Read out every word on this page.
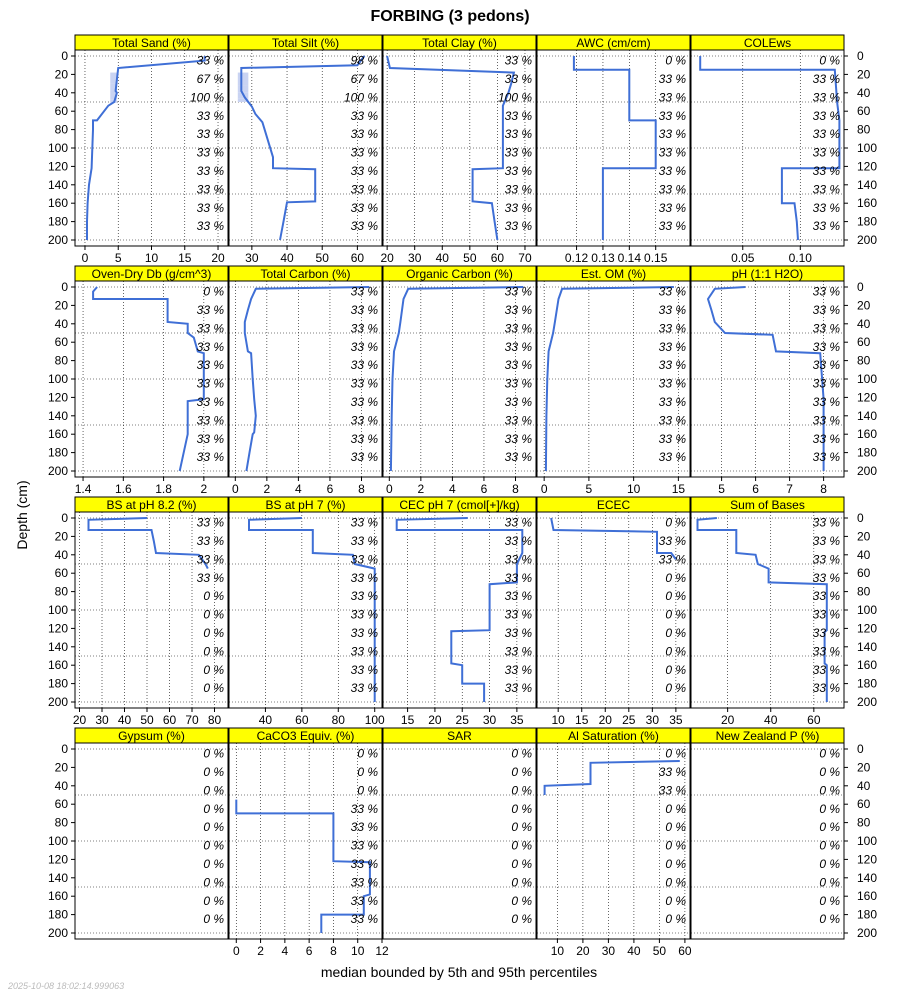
FORBING (3 pedons)
Depth (cm)
median bounded by 5th and 95th percentiles
2025-10-08 18:02:14.999063
Total Sand (%)
33 %
67 %
100 %
33 %
33 %
33 %
33 %
33 %
33 %
33 %
0 5 10 15 20
0
20
40
60
80
100
120
140
160
180
200
Total Silt (%)
98 %
67 %
100 %
33 %
33 %
33 %
33 %
33 %
33 %
33 %
30 40 50 60
Total Clay (%)
33 %
33 %
100 %
33 %
33 %
33 %
33 %
33 %
33 %
33 %
20 30 40 50 60 70
AWC (cm/cm)
0 %
33 %
33 %
33 %
33 %
33 %
33 %
33 %
33 %
33 %
0.12 0.13 0.14 0.15
COLEws
0 %
33 %
33 %
33 %
33 %
33 %
33 %
33 %
33 %
33 %
0.05	0.10
0
20
40
60
80
100
120
140
160
180
200
Oven-Dry Db (g/cm^3)
0 %
33 %
33 %
33 %
33 %
33 %
33 %
33 %
33 %
33 %
1.4 1.6 1.8 2
0
20
40
60
80
100
120
140
160
180
200
Total Carbon (%)
33 %
33 %
33 %
33 %
33 %
33 %
33 %
33 %
33 %
33 %
0 2 4 6 8
Organic Carbon (%)
33 %
33 %
33 %
33 %
33 %
33 %
33 %
33 %
33 %
33 %
0 2 4 6 8
Est. OM (%)
33 %
33 %
33 %
33 %
33 %
33 %
33 %
33 %
33 %
33 %
0	5	10	15
pH (1:1 H2O)
33 %
33 %
33 %
33 %
33 %
33 %
33 %
33 %
33 %
33 %
5 6 7 8
0
20
40
60
80
100
120
140
160
180
200
BS at pH 8.2 (%)
33 %
33 %
33 %
33 %
0 %
0 %
0 %
0 %
0 %
0 %
20 30 40 50 60 70 80
0
20
40
60
80
100
120
140
160
180
200
BS at pH 7 (%)
33 %
33 %
33 %
33 %
33 %
33 %
33 %
33 %
33 %
33 %
40 60 80 100
CEC pH 7 (cmol[+]/kg)
33 %
33 %
33 %
33 %
33 %
33 %
33 %
33 %
33 %
33 %
15 20 25 30 35
ECEC
0 %
33 %
33 %
0 %
0 %
0 %
0 %
0 %
0 %
0 %
10 15 20 25 30 35
Sum of Bases
33 %
33 %
33 %
33 %
33 %
33 %
33 %
33 %
33 %
33 %
20 40 60
0
20
40
60
80
100
120
140
160
180
200
Gypsum (%)
0 %
0 %
0 %
0 %
0 %
0 %
0 %
0 %
0 %
0 %
0
20
40
60
80
100
120
140
160
180
200
CaCO3 Equiv. (%)
0 %
0 %
0 %
33 %
33 %
33 %
33 %
33 %
33 %
33 %
0 2 4 6 8 10 12
SAR
0 %
0 %
0 %
0 %
0 %
0 %
0 %
0 %
0 %
0 %
Al Saturation (%)
0 %
33 %
33 %
0 %
0 %
0 %
0 %
0 %
0 %
0 %
10 20 30 40 50 60
New Zealand P (%)
0 %
0 %
0 %
0 %
0 %
0 %
0 %
0 %
0 %
0 %
0
20
40
60
80
100
120
140
160
180
200
